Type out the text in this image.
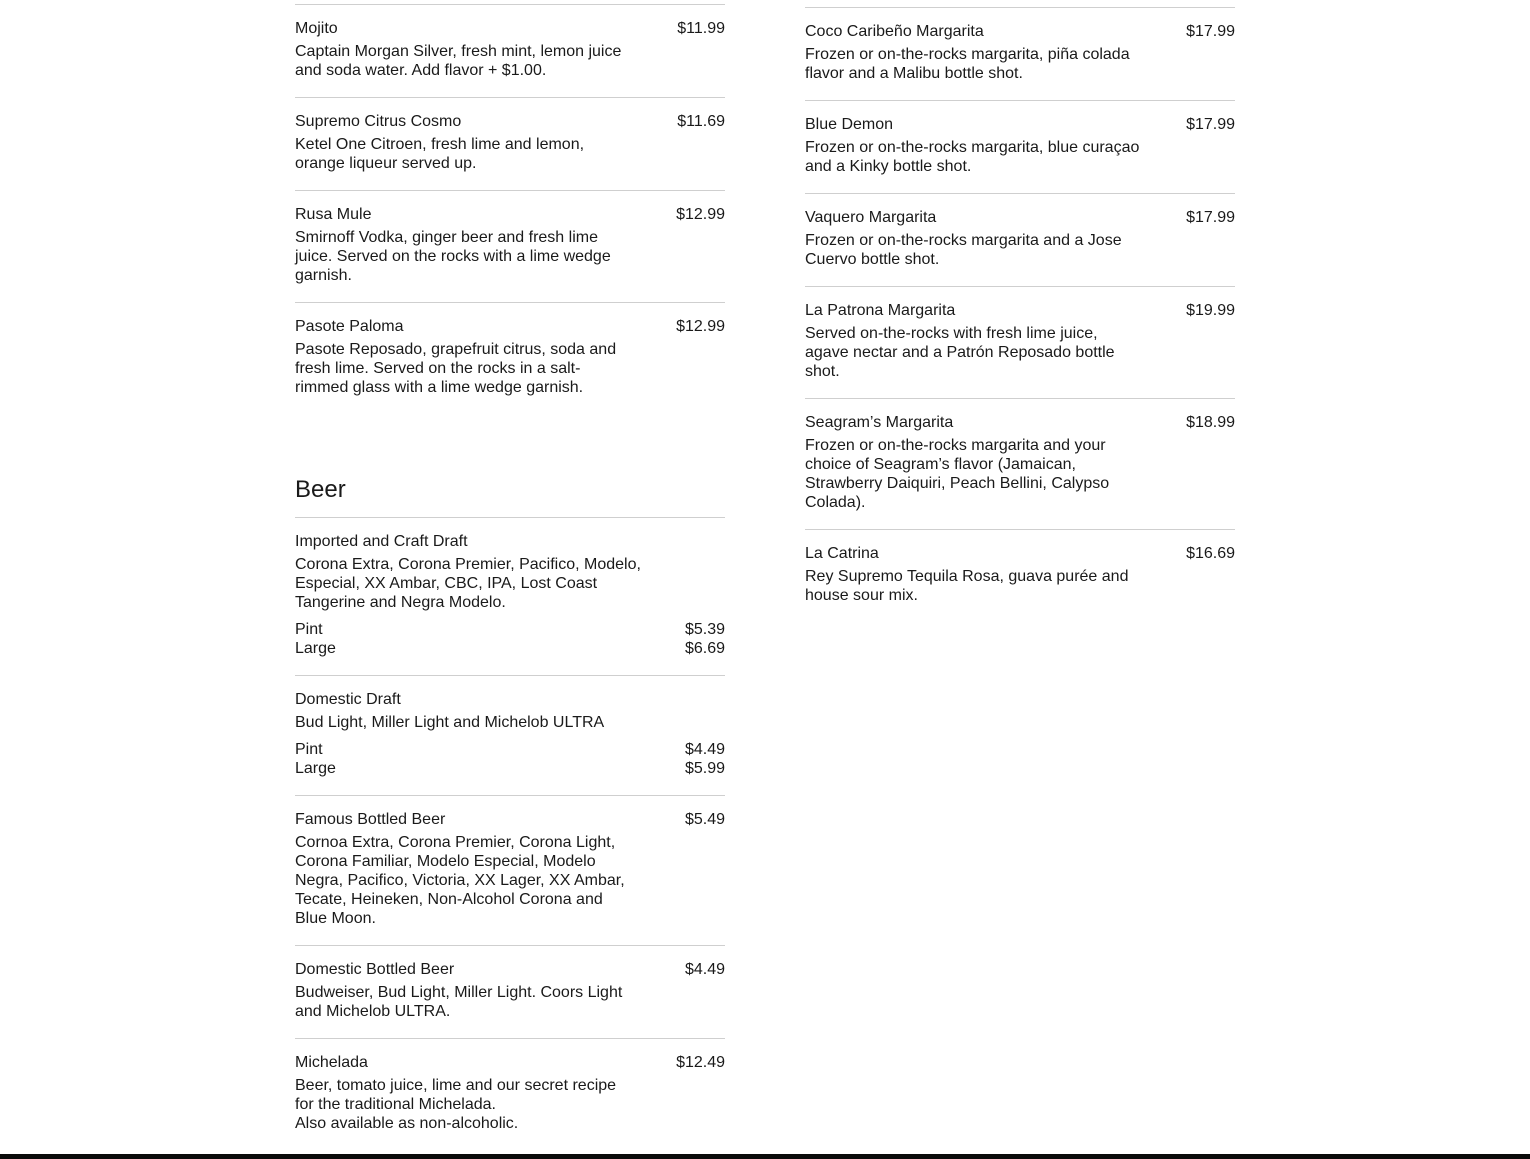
Mojito	$11.99
Captain Morgan Silver, fresh mint, lemon juice and soda water. Add flavor + $1.00.
Supremo Citrus Cosmo	$11.69
Ketel One Citroen, fresh lime and lemon, orange liqueur served up.
Rusa Mule	$12.99
Smirnoff Vodka, ginger beer and fresh lime juice. Served on the rocks with a lime wedge garnish.
Pasote Paloma	$12.99
Pasote Reposado, grapefruit citrus, soda and fresh lime. Served on the rocks in a salt-rimmed glass with a lime wedge garnish.
Beer
Imported and Craft Draft
Corona Extra, Corona Premier, Pacifico, Modelo, Especial, XX Ambar, CBC, IPA, Lost Coast Tangerine and Negra Modelo.
Pint	$5.39
Large	$6.69
Domestic Draft
Bud Light, Miller Light and Michelob ULTRA
Pint	$4.49
Large	$5.99
Famous Bottled Beer	$5.49
Cornoa Extra, Corona Premier, Corona Light, Corona Familiar, Modelo Especial, Modelo Negra, Pacifico, Victoria, XX Lager, XX Ambar, Tecate, Heineken, Non-Alcohol Corona and Blue Moon.
Domestic Bottled Beer	$4.49
Budweiser, Bud Light, Miller Light. Coors Light and Michelob ULTRA.
Michelada	$12.49
Beer, tomato juice, lime and our secret recipe for the traditional Michelada.
Also available as non-alcoholic.
Coco Caribeño Margarita	$17.99
Frozen or on-the-rocks margarita, piña colada flavor and a Malibu bottle shot.
Blue Demon	$17.99
Frozen or on-the-rocks margarita, blue curaçao and a Kinky bottle shot.
Vaquero Margarita	$17.99
Frozen or on-the-rocks margarita and a Jose Cuervo bottle shot.
La Patrona Margarita	$19.99
Served on-the-rocks with fresh lime juice, agave nectar and a Patrón Reposado bottle shot.
Seagram’s Margarita	$18.99
Frozen or on-the-rocks margarita and your choice of Seagram’s flavor (Jamaican, Strawberry Daiquiri, Peach Bellini, Calypso Colada).
La Catrina	$16.69
Rey Supremo Tequila Rosa, guava purée and house sour mix.
